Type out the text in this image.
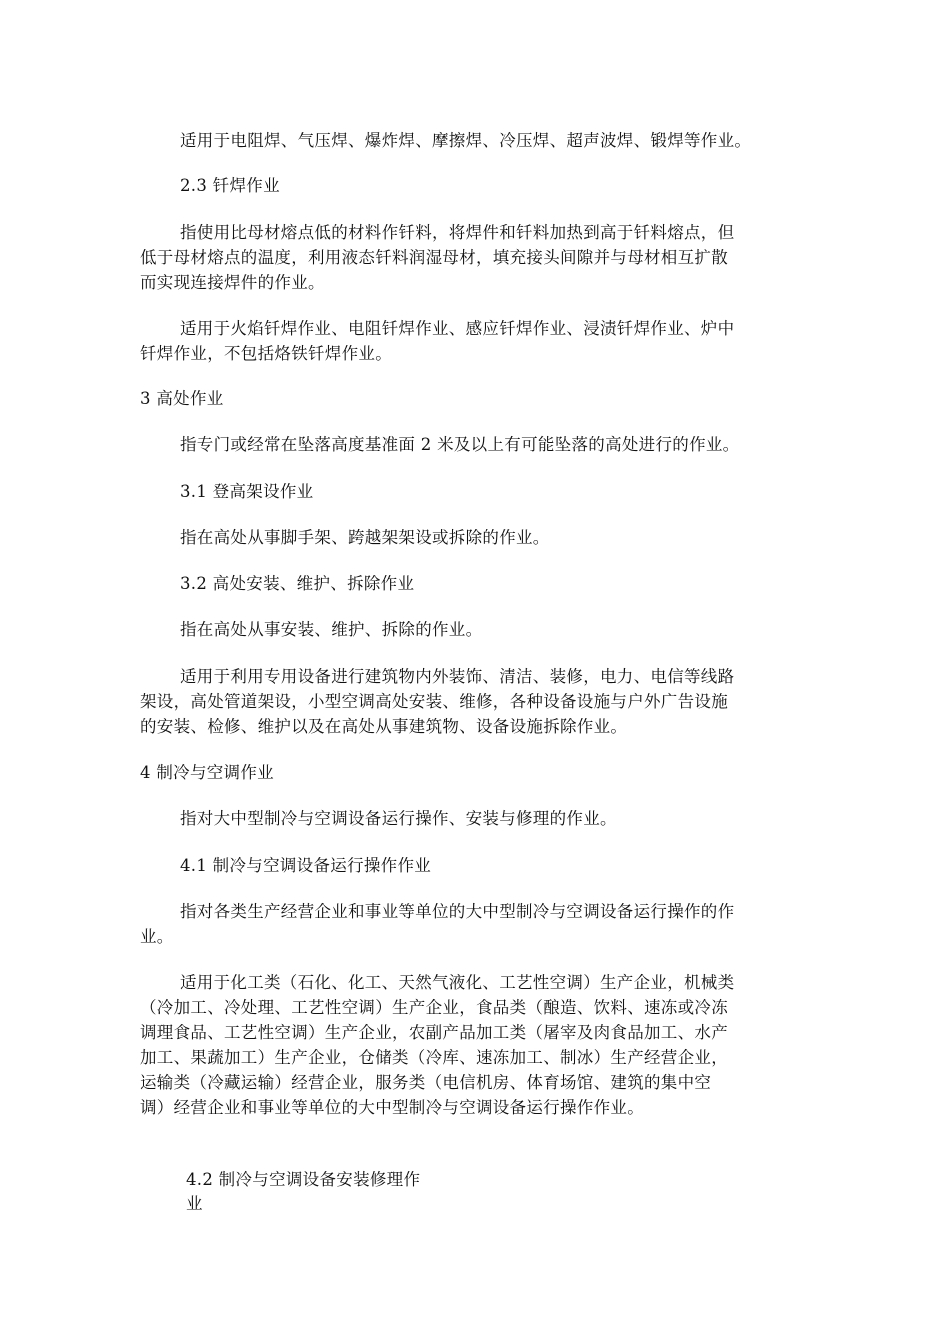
适用于电阻焊、气压焊、爆炸焊、摩擦焊、冷压焊、超声波焊、锻焊等作业。
2.3 钎焊作业
指使用比母材熔点低的材料作钎料，将焊件和钎料加热到高于钎料熔点，但
低于母材熔点的温度，利用液态钎料润湿母材，填充接头间隙并与母材相互扩散
而实现连接焊件的作业。
适用于火焰钎焊作业、电阻钎焊作业、感应钎焊作业、浸渍钎焊作业、炉中
钎焊作业，不包括烙铁钎焊作业。
3 高处作业
指专门或经常在坠落高度基准面 2 米及以上有可能坠落的高处进行的作业。
3.1 登高架设作业
指在高处从事脚手架、跨越架架设或拆除的作业。
3.2 高处安装、维护、拆除作业
指在高处从事安装、维护、拆除的作业。
适用于利用专用设备进行建筑物内外装饰、清洁、装修，电力、电信等线路
架设，高处管道架设，小型空调高处安装、维修，各种设备设施与户外广告设施
的安装、检修、维护以及在高处从事建筑物、设备设施拆除作业。
4 制冷与空调作业
指对大中型制冷与空调设备运行操作、安装与修理的作业。
4.1 制冷与空调设备运行操作作业
指对各类生产经营企业和事业等单位的大中型制冷与空调设备运行操作的作
业。
适用于化工类（石化、化工、天然气液化、工艺性空调）生产企业，机械类
（冷加工、冷处理、工艺性空调）生产企业，食品类（酿造、饮料、速冻或冷冻
调理食品、工艺性空调）生产企业，农副产品加工类（屠宰及肉食品加工、水产
加工、果蔬加工）生产企业，仓储类（冷库、速冻加工、制冰）生产经营企业，
运输类（冷藏运输）经营企业，服务类（电信机房、体育场馆、建筑的集中空
调）经营企业和事业等单位的大中型制冷与空调设备运行操作作业。
4.2 制冷与空调设备安装修理作
业
